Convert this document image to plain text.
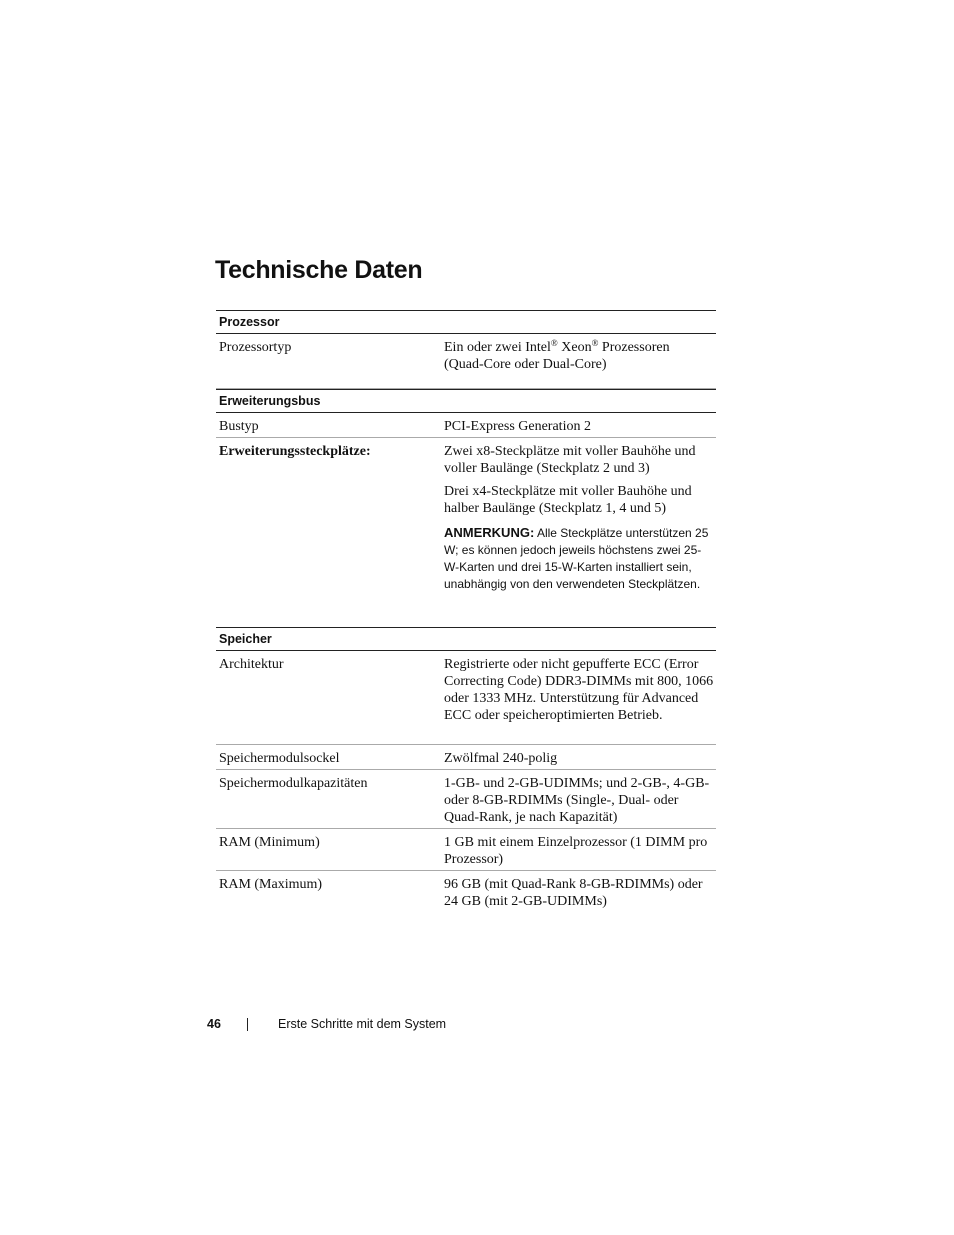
Technische Daten
Prozessor
Prozessortyp	Ein oder zwei Intel® Xeon® Prozessoren
(Quad-Core oder Dual-Core)

Erweiterungsbus
Bustyp	PCI-Express Generation 2
Erweiterungssteckplätze:	Zwei x8-Steckplätze mit voller Bauhöhe und voller Baulänge (Steckplatz 2 und 3)

Drei x4-Steckplätze mit voller Bauhöhe und halber Baulänge (Steckplatz 1, 4 und 5)

ANMERKUNG: Alle Steckplätze unterstützen 25 W; es können jedoch jeweils höchstens zwei 25-W-Karten und drei 15-W-Karten installiert sein, unabhängig von den verwendeten Steckplätzen.

Speicher
Architektur	Registrierte oder nicht gepufferte ECC (Error Correcting Code) DDR3-DIMMs mit 800, 1066 oder 1333 MHz. Unterstützung für Advanced ECC oder speicheroptimierten Betrieb.
Speichermodulsockel	Zwölfmal 240-polig
Speichermodulkapazitäten	1-GB- und 2-GB-UDIMMs; und 2-GB-, 4-GB- oder 8-GB-RDIMMs (Single-, Dual- oder Quad-Rank, je nach Kapazität)
RAM (Minimum)	1 GB mit einem Einzelprozessor (1 DIMM pro Prozessor)
RAM (Maximum)	96 GB (mit Quad-Rank 8-GB-RDIMMs) oder 24 GB (mit 2-GB-UDIMMs)
46	Erste Schritte mit dem System
